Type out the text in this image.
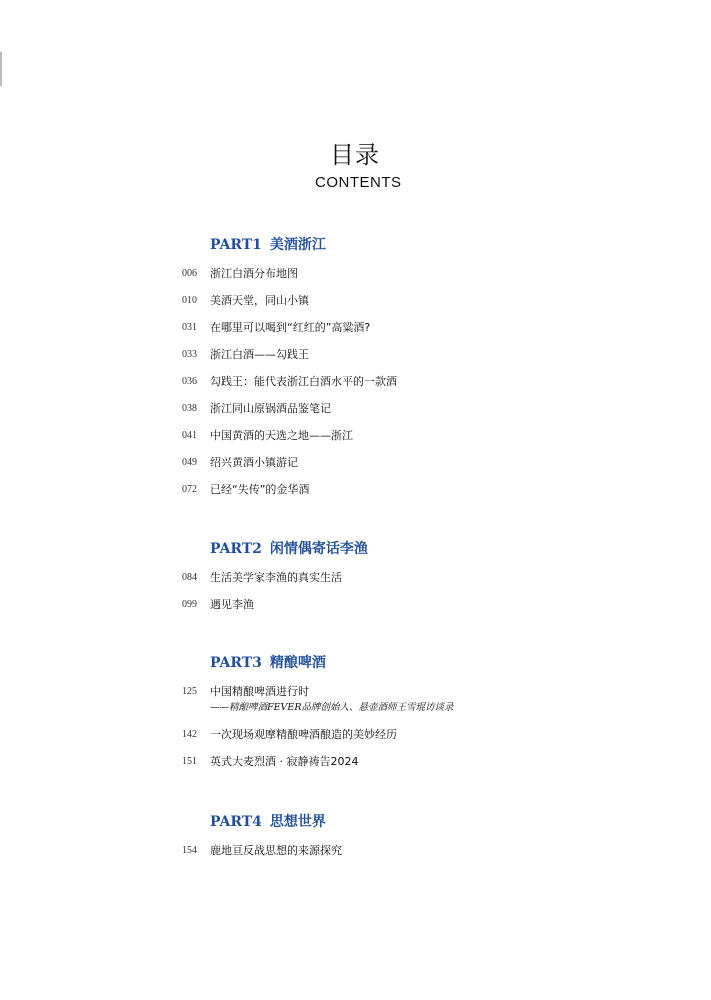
目录
CONTENTS
PART1 美酒浙江
006 浙江白酒分布地图
010 美酒天堂，同山小镇
031 在哪里可以喝到“红红的”高粱酒?
033 浙江白酒——勾践王
036 勾践王：能代表浙江白酒水平的一款酒
038 浙江同山原锅酒品鉴笔记
041 中国黄酒的天选之地——浙江
049 绍兴黄酒小镇游记
072 已经“失传”的金华酒
PART2 闲情偶寄话李渔
084 生活美学家李渔的真实生活
099 遇见李渔
PART3 精酿啤酒
125 中国精酿啤酒进行时
——精酿啤酒FEVER品牌创始人、悬壶酒师王雪琨访谈录
142 一次现场观摩精酿啤酒酿造的美妙经历
151 英式大麦烈酒 · 寂静祷告2024
PART4 思想世界
154 鹿地亘反战思想的来源探究
